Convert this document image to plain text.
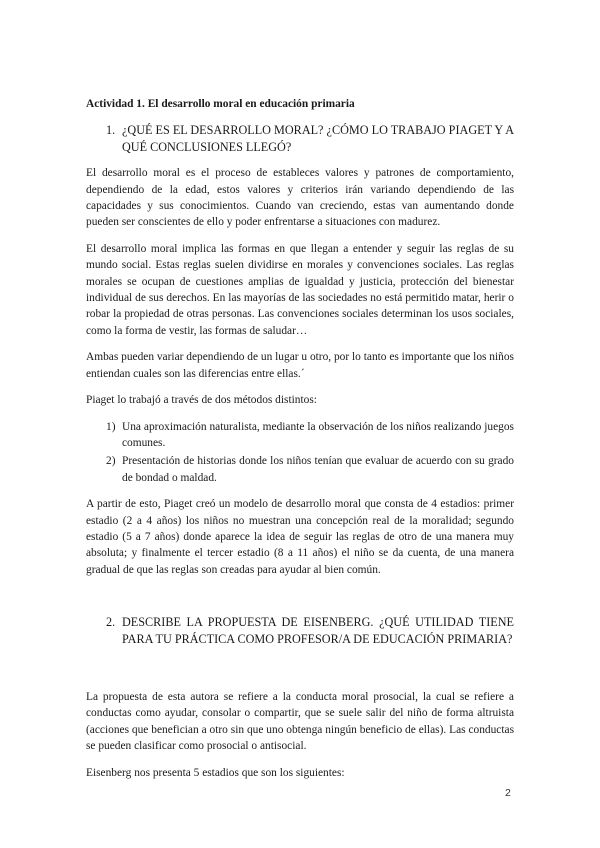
Actividad 1. El desarrollo moral en educación primaria
1. ¿QUÉ ES EL DESARROLLO MORAL? ¿CÓMO LO TRABAJO PIAGET Y A QUÉ CONCLUSIONES LLEGÓ?

El desarrollo moral es el proceso de estableces valores y patrones de comportamiento, dependiendo de la edad, estos valores y criterios irán variando dependiendo de las capacidades y sus conocimientos. Cuando van creciendo, estas van aumentando donde pueden ser conscientes de ello y poder enfrentarse a situaciones con madurez.

El desarrollo moral implica las formas en que llegan a entender y seguir las reglas de su mundo social. Estas reglas suelen dividirse en morales y convenciones sociales. Las reglas morales se ocupan de cuestiones amplias de igualdad y justicia, protección del bienestar individual de sus derechos. En las mayorías de las sociedades no está permitido matar, herir o robar la propiedad de otras personas. Las convenciones sociales determinan los usos sociales, como la forma de vestir, las formas de saludar…

Ambas pueden variar dependiendo de un lugar u otro, por lo tanto es importante que los niños entiendan cuales son las diferencias entre ellas.´

Piaget lo trabajó a través de dos métodos distintos:

1) Una aproximación naturalista, mediante la observación de los niños realizando juegos comunes.
2) Presentación de historias donde los niños tenían que evaluar de acuerdo con su grado de bondad o maldad.

A partir de esto, Piaget creó un modelo de desarrollo moral que consta de 4 estadios: primer estadio (2 a 4 años) los niños no muestran una concepción real de la moralidad; segundo estadio (5 a 7 años) donde aparece la idea de seguir las reglas de otro de una manera muy absoluta; y finalmente el tercer estadio (8 a 11 años) el niño se da cuenta, de una manera gradual de que las reglas son creadas para ayudar al bien común.

2. DESCRIBE LA PROPUESTA DE EISENBERG. ¿QUÉ UTILIDAD TIENE PARA TU PRÁCTICA COMO PROFESOR/A DE EDUCACIÓN PRIMARIA?

La propuesta de esta autora se refiere a la conducta moral prosocial, la cual se refiere a conductas como ayudar, consolar o compartir, que se suele salir del niño de forma altruista (acciones que benefician a otro sin que uno obtenga ningún beneficio de ellas). Las conductas se pueden clasificar como prosocial o antisocial.

Eisenberg nos presenta 5 estadios que son los siguientes:

2
